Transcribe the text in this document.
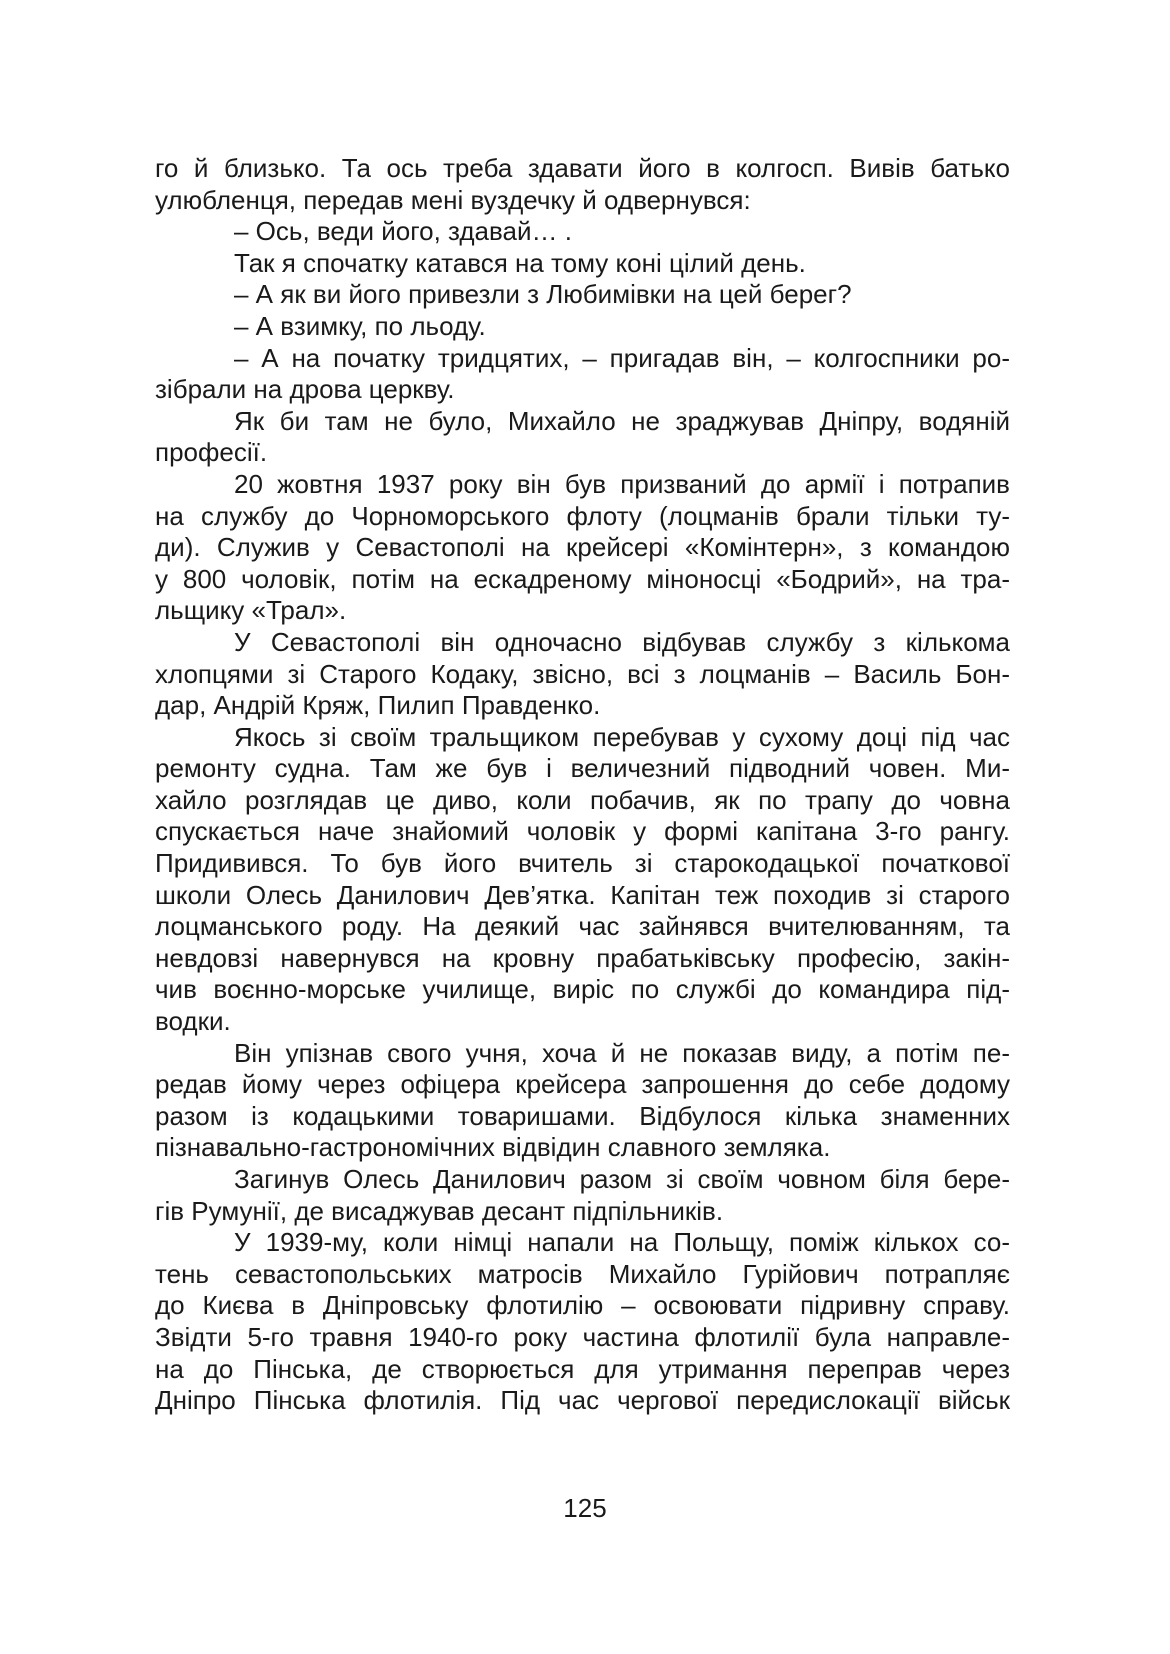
го й близько. Та ось треба здавати його в колгосп. Вивів батько
улюбленця, передав мені вуздечку й одвернувся:
– Ось, веди його, здавай… .
Так я спочатку катався на тому коні цілий день.
– А як ви його привезли з Любимівки на цей берег?
– А взимку, по льоду.
– А на початку тридцятих, – пригадав він, – колгоспники ро-
зібрали на дрова церкву.
Як би там не було, Михайло не зраджував Дніпру, водяній
професії.
20 жовтня 1937 року він був призваний до армії і потрапив
на службу до Чорноморського флоту (лоцманів брали тільки ту-
ди). Служив у Севастополі на крейсері «Комінтерн», з командою
у 800 чоловік, потім на ескадреному міноносці «Бодрий», на тра-
льщику «Трал».
У Севастополі він одночасно відбував службу з кількома
хлопцями зі Старого Кодаку, звісно, всі з лоцманів – Василь Бон-
дар, Андрій Кряж, Пилип Правденко.
Якось зі своїм тральщиком перебував у сухому доці під час
ремонту судна. Там же був і величезний підводний човен. Ми-
хайло розглядав це диво, коли побачив, як по трапу до човна
спускається наче знайомий чоловік у формі капітана 3-го рангу.
Придивився. То був його вчитель зі старокодацької початкової
школи Олесь Данилович Дев’ятка. Капітан теж походив зі старого
лоцманського роду. На деякий час зайнявся вчителюванням, та
невдовзі навернувся на кровну прабатьківську професію, закін-
чив воєнно-морське училище, виріс по службі до командира під-
водки.
Він упізнав свого учня, хоча й не показав виду, а потім пе-
редав йому через офіцера крейсера запрошення до себе додому
разом із кодацькими товаришами. Відбулося кілька знаменних
пізнавально-гастрономічних відвідин славного земляка.
Загинув Олесь Данилович разом зі своїм човном біля бере-
гів Румунії, де висаджував десант підпільників.
У 1939-му, коли німці напали на Польщу, поміж кількох со-
тень севастопольських матросів Михайло Гурійович потрапляє
до Києва в Дніпровську флотилію – освоювати підривну справу.
Звідти 5-го травня 1940-го року частина флотилії була направле-
на до Пінська, де створюється для утримання переправ через
Дніпро Пінська флотилія. Під час чергової передислокації військ
125
